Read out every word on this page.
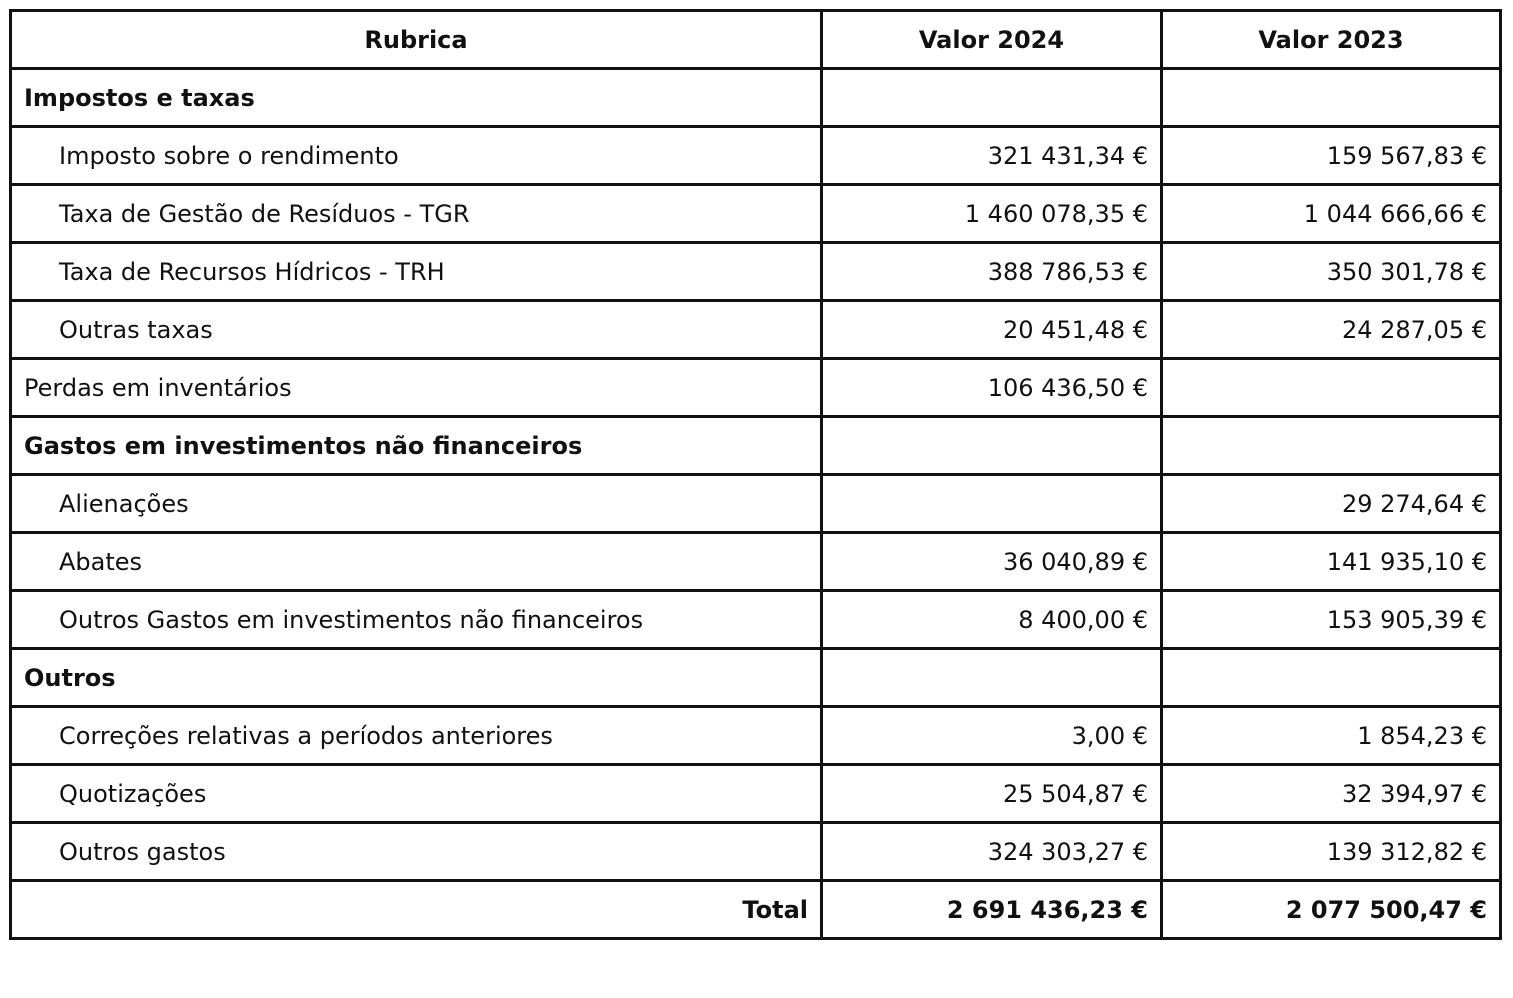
Rubrica	Valor 2024	Valor 2023
Impostos e taxas		
Imposto sobre o rendimento	321 431,34 €	159 567,83 €
Taxa de Gestão de Resíduos - TGR	1 460 078,35 €	1 044 666,66 €
Taxa de Recursos Hídricos - TRH	388 786,53 €	350 301,78 €
Outras taxas	20 451,48 €	24 287,05 €
Perdas em inventários	106 436,50 €	
Gastos em investimentos não financeiros		
Alienações		29 274,64 €
Abates	36 040,89 €	141 935,10 €
Outros Gastos em investimentos não financeiros	8 400,00 €	153 905,39 €
Outros		
Correções relativas a períodos anteriores	3,00 €	1 854,23 €
Quotizações	25 504,87 €	32 394,97 €
Outros gastos	324 303,27 €	139 312,82 €
Total	2 691 436,23 €	2 077 500,47 €
